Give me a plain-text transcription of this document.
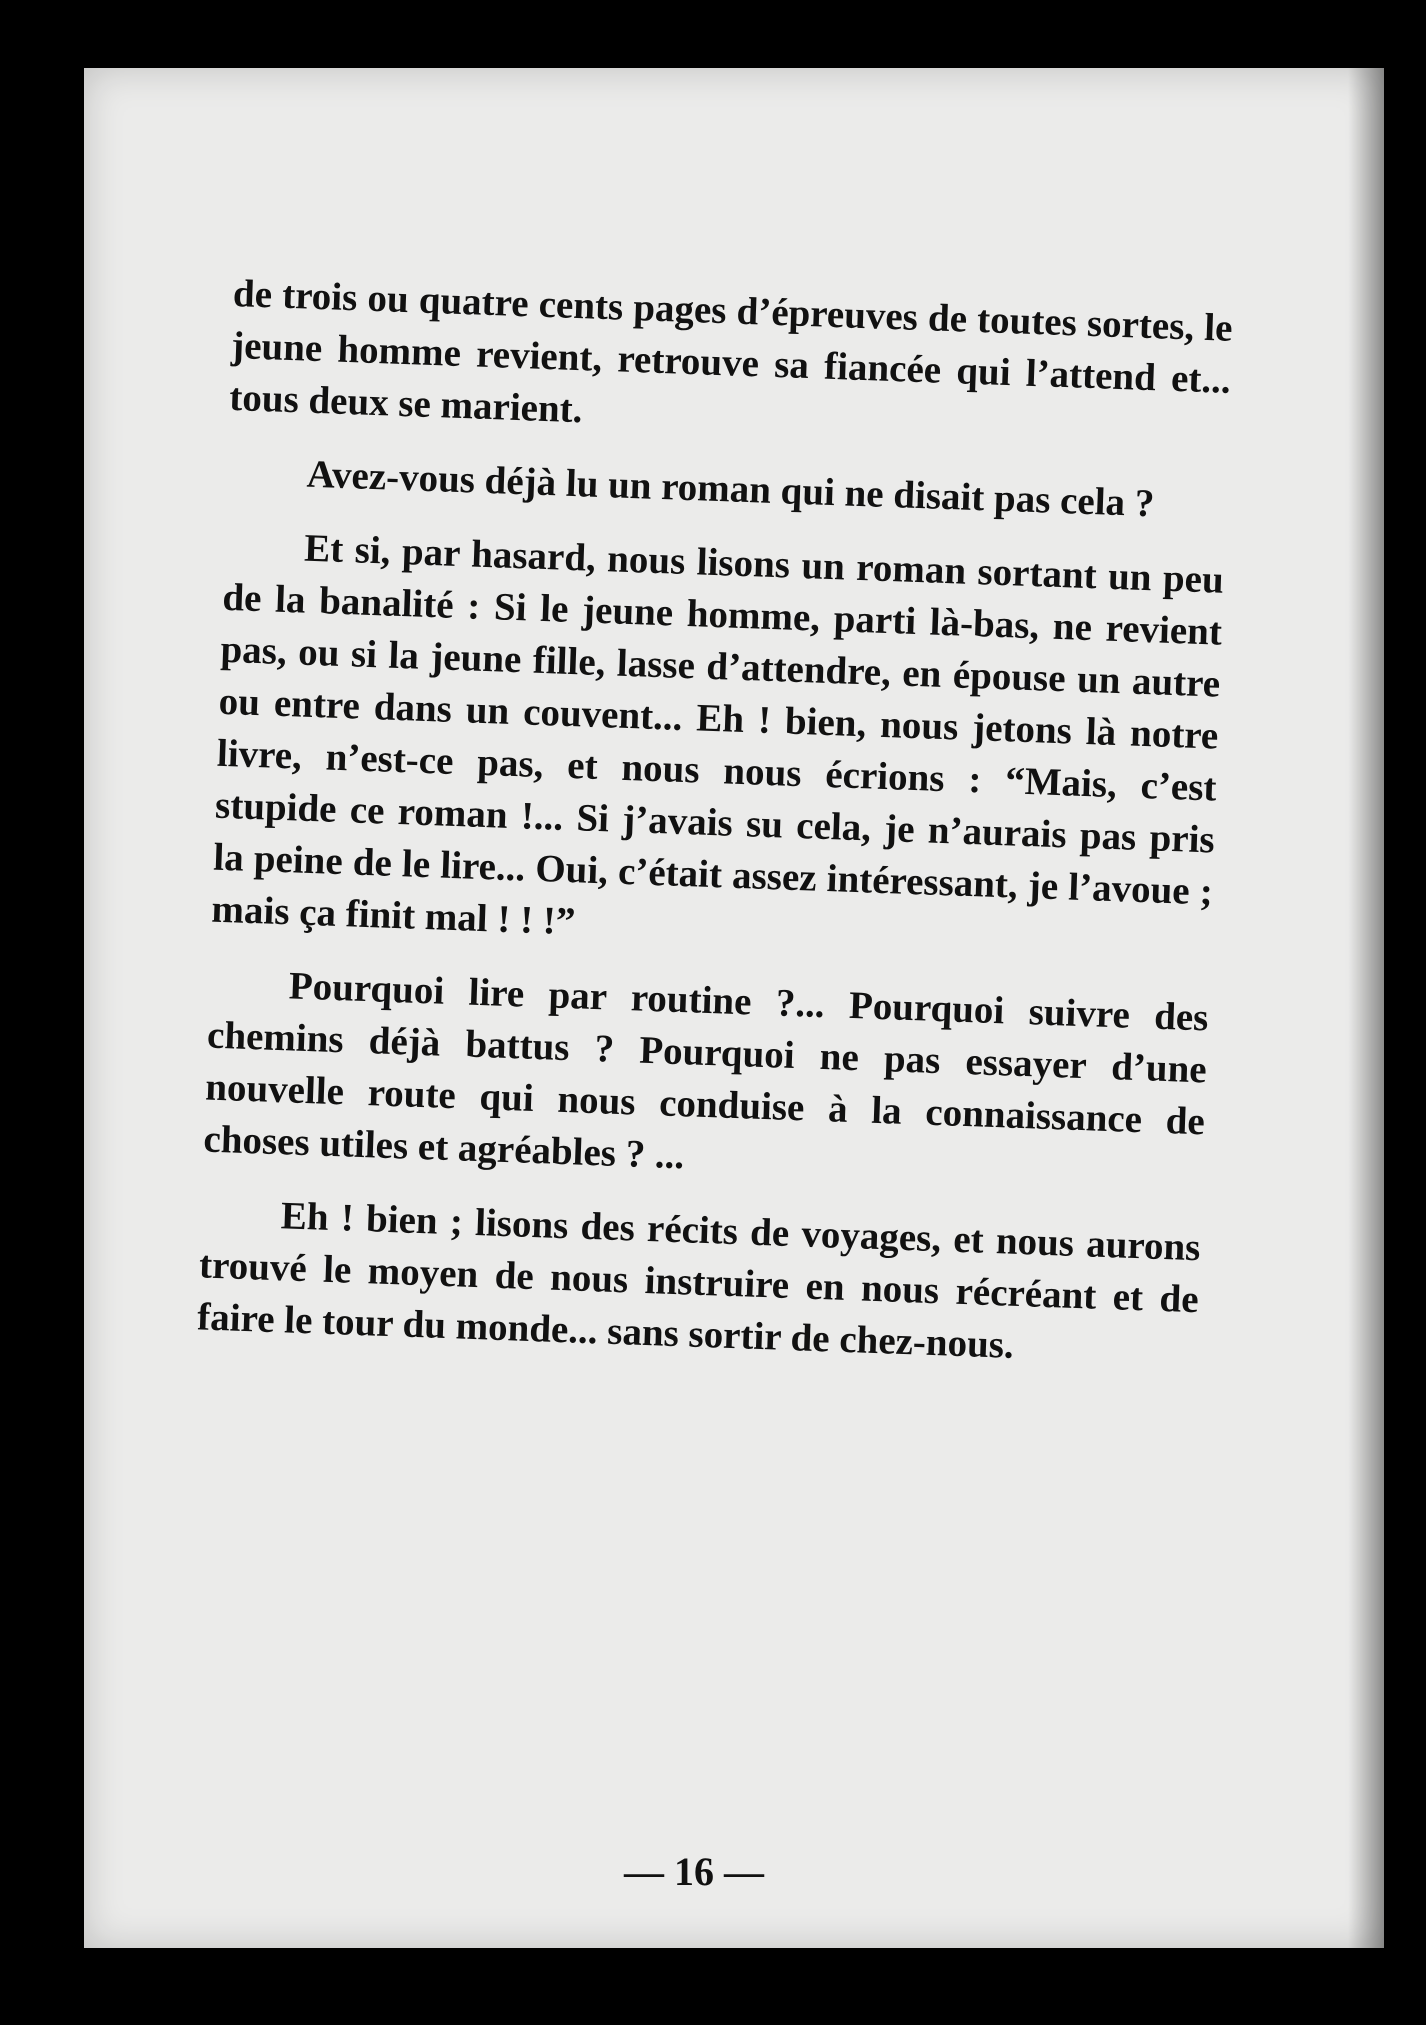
de trois ou quatre cents pages d’épreuves de toutes sortes, le jeune homme revient, retrouve sa fiancée qui l’attend et... tous deux se marient.

Avez-vous déjà lu un roman qui ne disait pas cela ?

Et si, par hasard, nous lisons un roman sortant un peu de la banalité : Si le jeune homme, parti là-bas, ne revient pas, ou si la jeune fille, lasse d’attendre, en épouse un autre ou entre dans un couvent... Eh ! bien, nous jetons là notre livre, n’est-ce pas, et nous nous écrions : “Mais, c’est stupide ce roman !... Si j’avais su cela, je n’aurais pas pris la peine de le lire... Oui, c’était assez intéressant, je l’avoue ; mais ça finit mal ! ! !”

Pourquoi lire par routine ?... Pourquoi suivre des chemins déjà battus ? Pourquoi ne pas essayer d’une nouvelle route qui nous conduise à la connaissance de choses utiles et agréables ? ...

Eh ! bien ; lisons des récits de voyages, et nous aurons trouvé le moyen de nous instruire en nous récréant et de faire le tour du monde... sans sortir de chez-nous.

— 16 —
